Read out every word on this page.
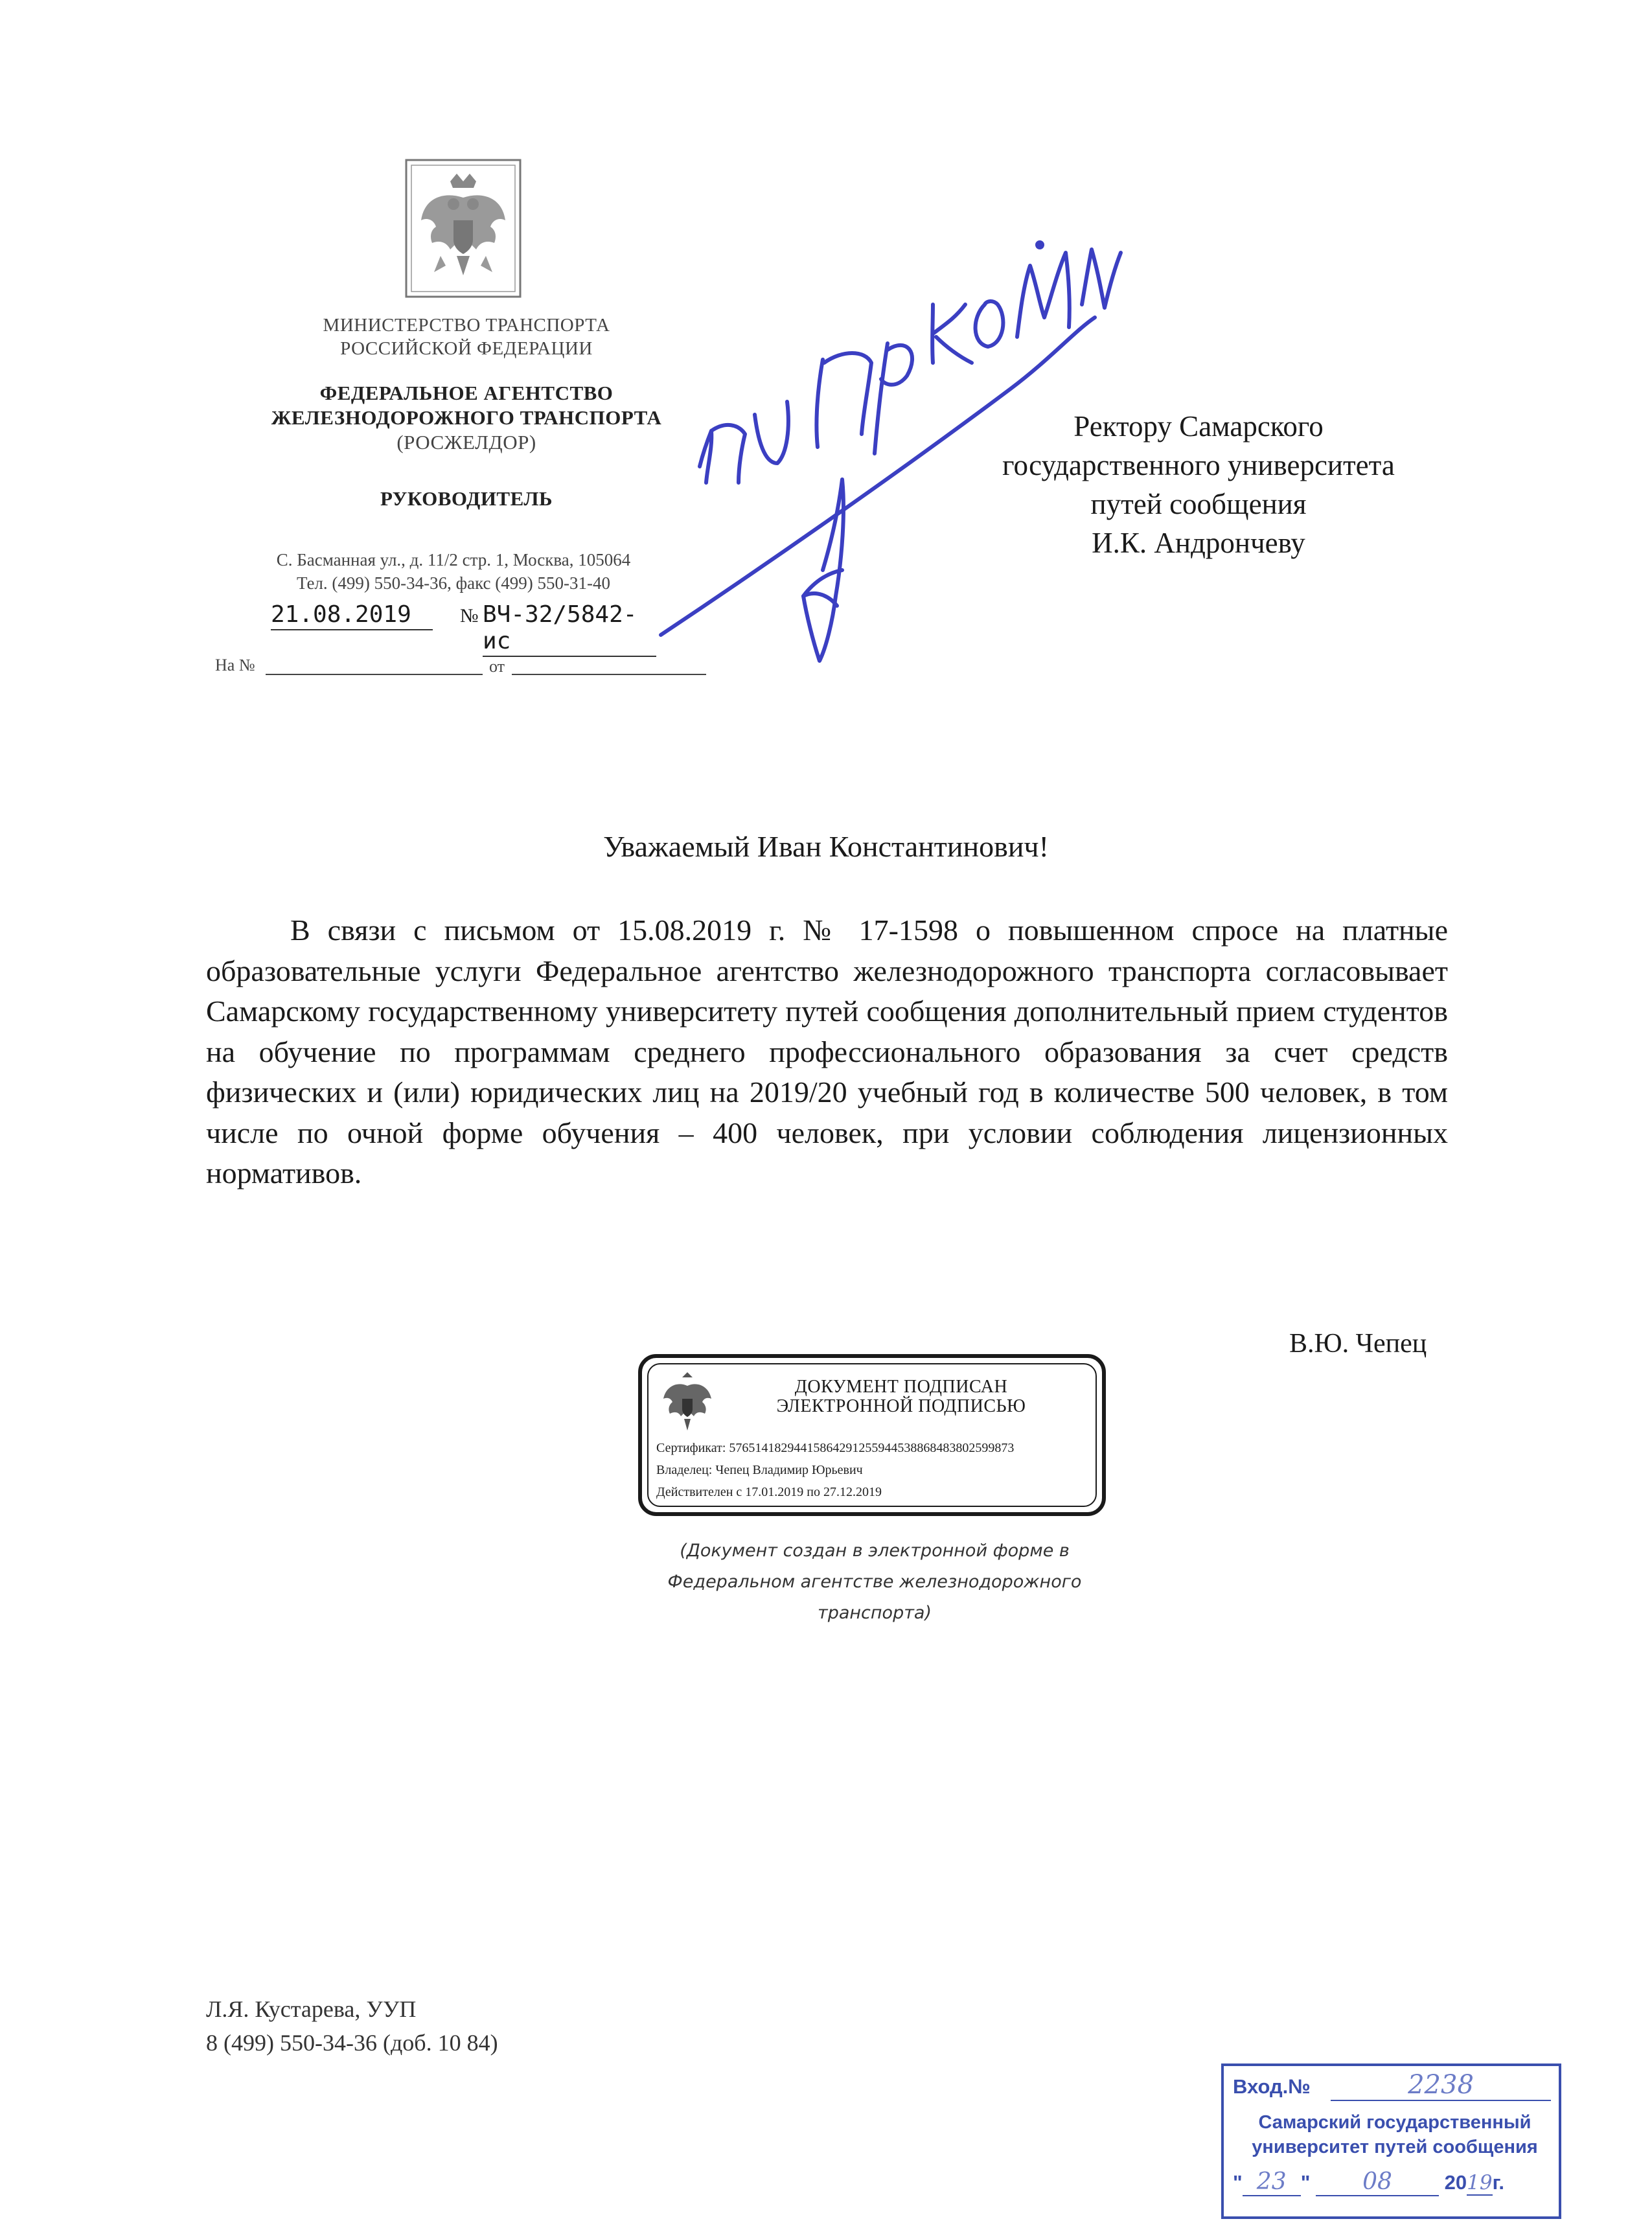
МИНИСТЕРСТВО ТРАНСПОРТА
РОССИЙСКОЙ ФЕДЕРАЦИИ
ФЕДЕРАЛЬНОЕ АГЕНТСТВО
ЖЕЛЕЗНОДОРОЖНОГО ТРАНСПОРТА
(РОСЖЕЛДОР)
РУКОВОДИТЕЛЬ
С. Басманная ул., д. 11/2 стр. 1, Москва, 105064
Тел. (499) 550-34-36, факс (499) 550-31-40
21.08.2019	№ ВЧ-32/5842-ис
На №	от
Ректору Самарского
государственного университета
путей сообщения
И.К. Андрончеву
Уважаемый Иван Константинович!
В связи с письмом от 15.08.2019 г. № 17-1598 о повышенном спросе на платные образовательные услуги Федеральное агентство железнодорожного транспорта согласовывает Самарскому государственному университету путей сообщения дополнительный прием студентов на обучение по программам среднего профессионального образования за счет средств физических и (или) юридических лиц на 2019/20 учебный год в количестве 500 человек, в том числе по очной форме обучения – 400 человек, при условии соблюдения лицензионных нормативов.
В.Ю. Чепец
ДОКУМЕНТ ПОДПИСАН
ЭЛЕКТРОННОЙ ПОДПИСЬЮ
Сертификат: 57651418294415864291255944538868483802599873
Владелец: Чепец Владимир Юрьевич
Действителен с 17.01.2019 по 27.12.2019
(Документ создан в электронной форме в
Федеральном агентстве железнодорожного
транспорта)
Л.Я. Кустарева, УУП
8 (499) 550-34-36 (доб. 10 84)
Вход.№	2238
Самарский государственный
университет путей сообщения
" 23 " 08	2019г.
